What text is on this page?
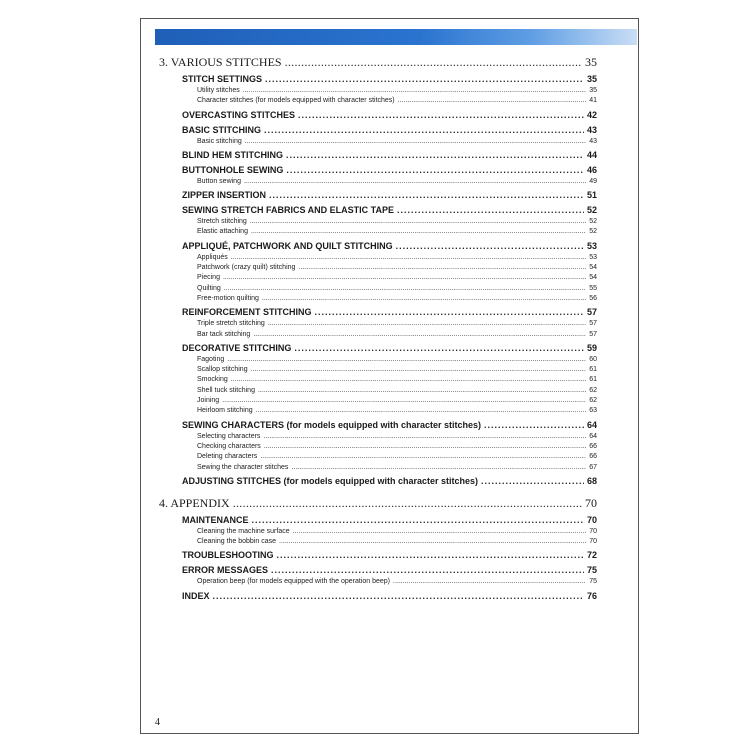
3. VARIOUS STITCHES .....	35
STITCH SETTINGS .....	35
Utility stitches .....	35
Character stitches (for models equipped with character stitches) .....	41
OVERCASTING STITCHES .....	42
BASIC STITCHING .....	43
Basic stitching .....	43
BLIND HEM STITCHING .....	44
BUTTONHOLE SEWING .....	46
Button sewing .....	49
ZIPPER INSERTION .....	51
SEWING STRETCH FABRICS AND ELASTIC TAPE .....	52
Stretch stitching .....	52
Elastic attaching .....	52
APPLIQUÉ, PATCHWORK AND QUILT STITCHING .....	53
Appliqués .....	53
Patchwork (crazy quilt) stitching .....	54
Piecing .....	54
Quilting .....	55
Free-motion quilting .....	56
REINFORCEMENT STITCHING .....	57
Triple stretch stitching .....	57
Bar tack stitching .....	57
DECORATIVE STITCHING .....	59
Fagoting .....	60
Scallop stitching .....	61
Smocking .....	61
Shell tuck stitching .....	62
Joining .....	62
Heirloom stitching .....	63
SEWING CHARACTERS (for models equipped with character stitches) .....	64
Selecting characters .....	64
Checking characters .....	66
Deleting characters .....	66
Sewing the character stitches .....	67
ADJUSTING STITCHES (for models equipped with character stitches) .....	68
4. APPENDIX .....	70
MAINTENANCE .....	70
Cleaning the machine surface .....	70
Cleaning the bobbin case .....	70
TROUBLESHOOTING .....	72
ERROR MESSAGES .....	75
Operation beep (for models equipped with the operation beep) .....	75
INDEX .....	76
4
